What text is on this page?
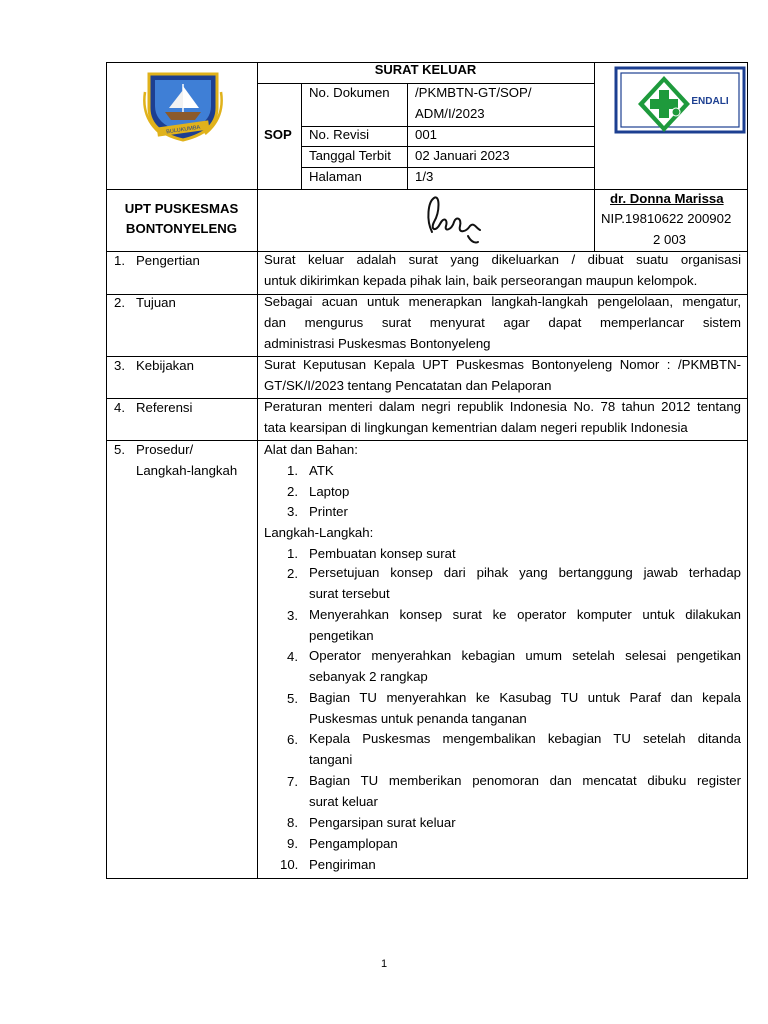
BULUKUMBA
SURAT KELUAR
SOP
No. Dokumen /PKMBTN-GT/SOP/
ADM/I/2023
No. Revisi	001
Tanggal Terbit 02 Januari 2023
Halaman	1/3
ENDALI
UPT PUSKESMAS
BONTONYELENG
dr. Donna Marissa
NIP.19810622 200902
2 003
1. Pengertian	Surat keluar adalah surat yang dikeluarkan / dibuat suatu organisasi
untuk dikirimkan kepada pihak lain, baik perseorangan maupun kelompok.
2. Tujuan	Sebagai acuan untuk menerapkan langkah-langkah pengelolaan, mengatur,
dan mengurus surat menyurat agar dapat memperlancar sistem
administrasi Puskesmas Bontonyeleng
3. Kebijakan	Surat Keputusan Kepala UPT Puskesmas Bontonyeleng Nomor : /PKMBTN-
GT/SK/I/2023 tentang Pencatatan dan Pelaporan
4. Referensi	Peraturan menteri dalam negri republik Indonesia No. 78 tahun 2012 tentang
tata kearsipan di lingkungan kementrian dalam negeri republik Indonesia
5. Prosedur/
Langkah-langkah
Alat dan Bahan:
1. ATK
2. Laptop
3. Printer
Langkah-Langkah:
1. Pembuatan konsep surat
2. Persetujuan konsep dari pihak yang bertanggung jawab terhadap
surat tersebut
3. Menyerahkan konsep surat ke operator komputer untuk dilakukan
pengetikan
4. Operator menyerahkan kebagian umum setelah selesai pengetikan
sebanyak 2 rangkap
5. Bagian TU menyerahkan ke Kasubag TU untuk Paraf dan kepala
Puskesmas untuk penanda tanganan
6. Kepala Puskesmas mengembalikan kebagian TU setelah ditanda
tangani
7. Bagian TU memberikan penomoran dan mencatat dibuku register
surat keluar
8. Pengarsipan surat keluar
9. Pengamplopan
10. Pengiriman
1
